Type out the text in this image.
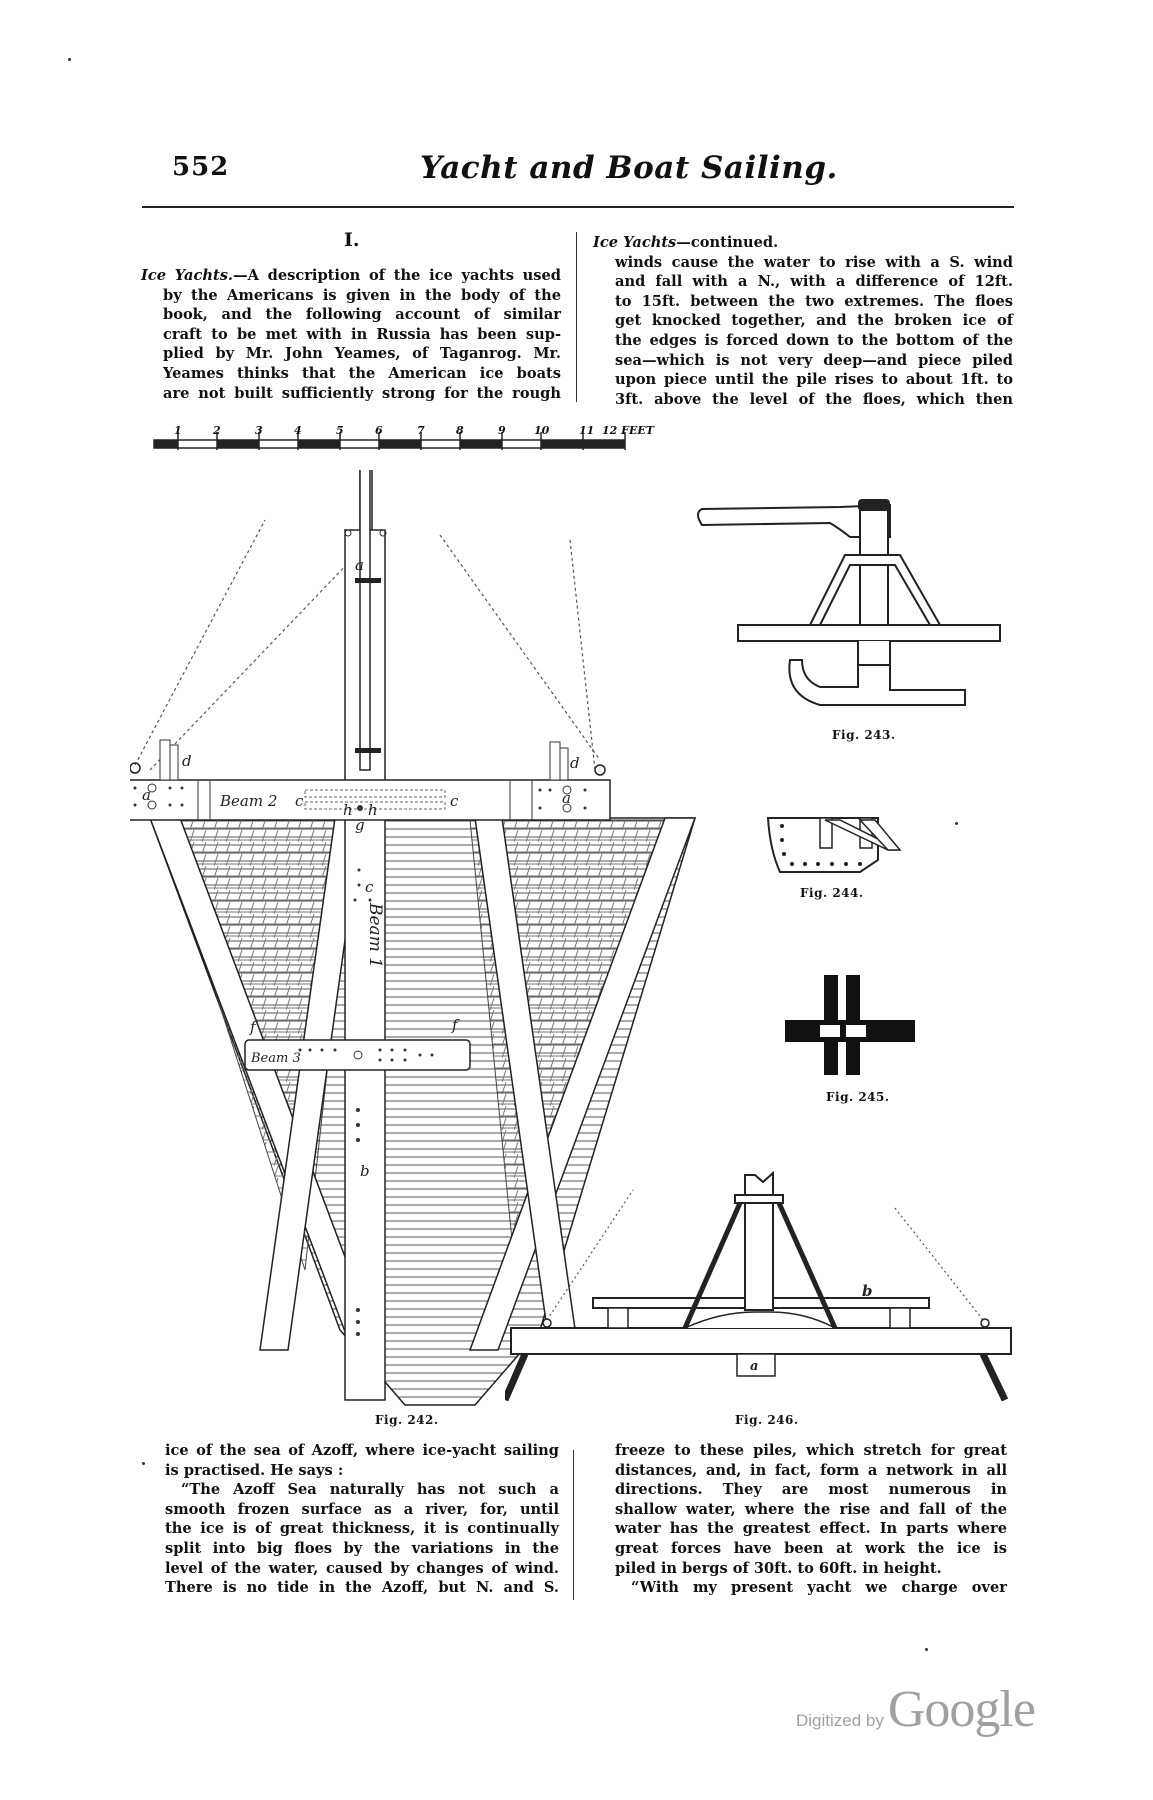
552	Yacht and Boat Sailing.
I.
Ice Yachts.—A description of the ice yachts used
by the Americans is given in the body of the
book, and the following account of similar
craft to be met with in Russia has been sup-
plied by Mr. John Yeames, of Taganrog. Mr.
Yeames thinks that the American ice boats
are not built sufficiently strong for the rough
Ice Yachts—continued.
winds cause the water to rise with a S. wind
and fall with a N., with a difference of 12ft.
to 15ft. between the two extremes. The floes
get knocked together, and the broken ice of
the edges is forced down to the bottom of the
sea—which is not very deep—and piece piled
upon piece until the pile rises to about 1ft. to
3ft. above the level of the floes, which then
1	2	3	4	5	6	7	8	9	10	11 12 FEET
Beam 2
d	d
a	a
a
c	c
c
g
h h
Beam 3
b
f
f
Beam 1
Fig. 242.
Fig. 243.
Fig. 244.
Fig. 245.
a
b
Fig. 246.
ice of the sea of Azoff, where ice-yacht sailing
is practised. He says :
“The Azoff Sea naturally has not such a
smooth frozen surface as a river, for, until
the ice is of great thickness, it is continually
split into big floes by the variations in the
level of the water, caused by changes of wind.
There is no tide in the Azoff, but N. and S.
freeze to these piles, which stretch for great
distances, and, in fact, form a network in all
directions. They are most numerous in
shallow water, where the rise and fall of the
water has the greatest effect. In parts where
great forces have been at work the ice is
piled in bergs of 30ft. to 60ft. in height.
“With my present yacht we charge over
Digitized byGoogle
